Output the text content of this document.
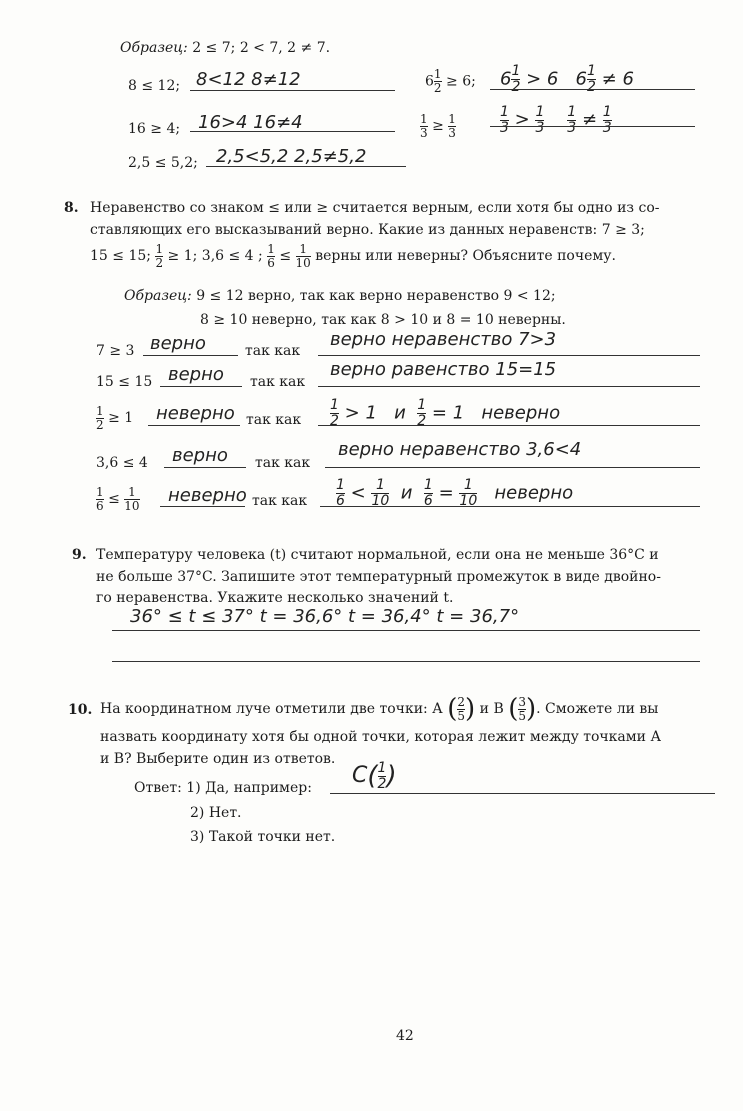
Образец: 2 ≤ 7; 2 < 7, 2 ≠ 7.
8 ≤ 12; 8<12 8≠12
16 ≥ 4; 16>4 16≠4
2,5 ≤ 5,2; 2,5<5,2 2,5≠5,2
$6 \frac{1}{2} \ge 6$; $6 \frac{1}{2} > 6$ $6 \frac{1}{2} \ne 6$
$\frac{1}{3} \ge \frac{1}{3}$	$\frac{1}{3} > \frac{1}{3}$
$\frac{1}{3} \ne \frac{1}{3}$
8. Неравенство со знаком ≤ или ≥ считается верным, если хотя бы одно из со-
ставляющих его высказываний верно. Какие из данных неравенств: 7 ≥ 3;
15 ≤ 15; $\frac{1}{2} \ge 1$; 3,6 ≤ 4 ; $\frac{1}{6} \le \frac{1}{10}$ верны или неверны? Объясните почему.
Образец: 9 ≤ 12 верно, так как верно неравенство 9 < 12;
8 ≥ 10 неверно, так как 8 > 10 и 8 = 10 неверны.
7 ≥ 3 верно	так как
верно неравенство 7>3
15 ≤ 15 верно так как
верно равенство 15=15
$\frac{1}{2} \ge 1$ неверно так как $\frac{1}{2} > 1$ и $\frac{1}{2} = 1$ неверно
3,6 ≤ 4 верно так как
верно неравенство 3,6<4
$\frac{1}{6} \le \frac{1}{10}$ неверно так как $\frac{1}{6} < \frac{1}{10}$ и $\frac{1}{6} = \frac{1}{10}$ неверно
9. Температуру человека (t) считают нормальной, если она не меньше 36°C и
не больше 37°C. Запишите этот температурный промежуток в виде двойно-
го неравенства. Укажите несколько значений t.
36° ≤ t ≤ 37° t = 36,6° t = 36,4° t = 36,7°
10. На координатном луче отметили две точки: А ( $\frac{2}{5}$ ) и В ( $\frac{3}{5}$ ). Сможете ли вы
назвать координату хотя бы одной точки, которая лежит между точками А
и В? Выберите один из ответов.
Ответ: 1) Да, например: $C( \frac{1}{2}$ )
2) Нет.
3) Такой точки нет.
42
